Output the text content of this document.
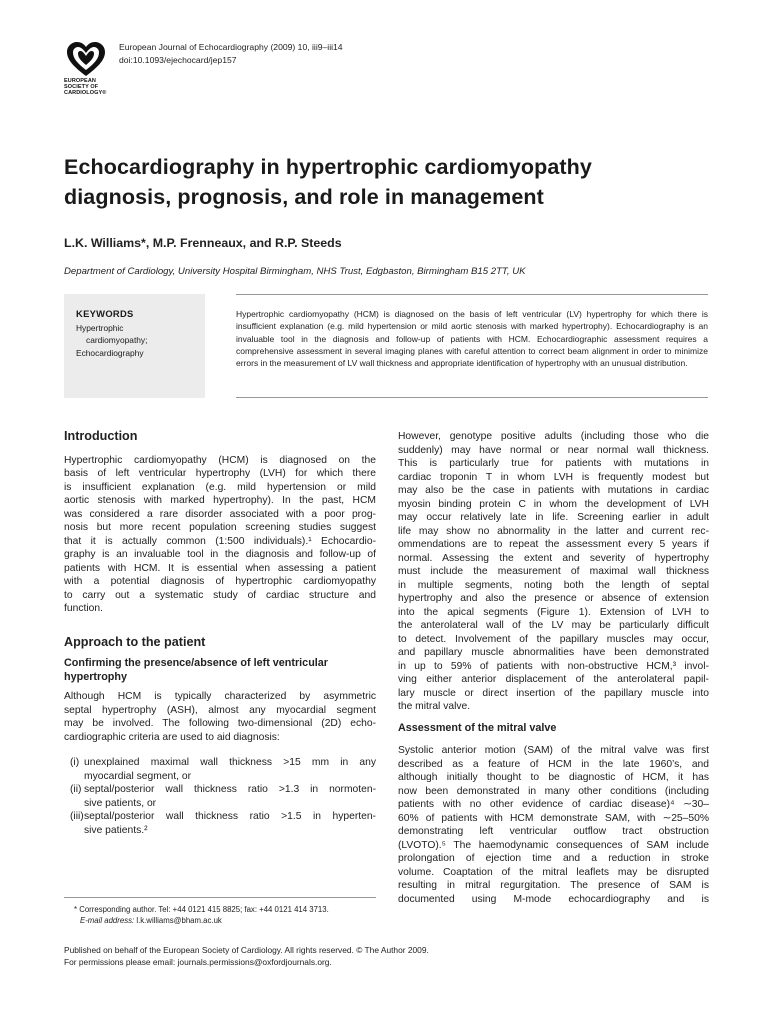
EUROPEAN
SOCIETY OF
CARDIOLOGY®
European Journal of Echocardiography (2009) 10, iii9–iii14
doi:10.1093/ejechocard/jep157
Echocardiography in hypertrophic cardiomyopathy
diagnosis, prognosis, and role in management
L.K. Williams*, M.P. Frenneaux, and R.P. Steeds
Department of Cardiology, University Hospital Birmingham, NHS Trust, Edgbaston, Birmingham B15 2TT, UK
KEYWORDS
Hypertrophic
cardiomyopathy;
Echocardiography

Hypertrophic cardiomyopathy (HCM) is diagnosed on the basis of left ventricular (LV) hypertrophy for which there is insufficient explanation (e.g. mild hypertension or mild aortic stenosis with marked hypertrophy). Echocardiography is an invaluable tool in the diagnosis and follow-up of patients with HCM. Echocardiographic assessment requires a comprehensive assessment in several imaging planes with careful attention to correct beam alignment in order to minimize errors in the measurement of LV wall thickness and appropriate identification of hypertrophy with an unusual distribution.

Introduction
Hypertrophic cardiomyopathy (HCM) is diagnosed on the
basis of left ventricular hypertrophy (LVH) for which there
is insufficient explanation (e.g. mild hypertension or mild
aortic stenosis with marked hypertrophy). In the past, HCM
was considered a rare disorder associated with a poor prog-
nosis but more recent population screening studies suggest
that it is actually common (1:500 individuals).¹ Echocardio-
graphy is an invaluable tool in the diagnosis and follow-up of
patients with HCM. It is essential when assessing a patient
with a potential diagnosis of hypertrophic cardiomyopathy
to carry out a systematic study of cardiac structure and
function.
Approach to the patient
Confirming the presence/absence of left ventricular hypertrophy
Although HCM is typically characterized by asymmetric
septal hypertrophy (ASH), almost any myocardial segment
may be involved. The following two-dimensional (2D) echo-
cardiographic criteria are used to aid diagnosis:
(i) unexplained maximal wall thickness >15 mm in any
myocardial segment, or
(ii) septal/posterior wall thickness ratio >1.3 in normoten-
sive patients, or
(iii) septal/posterior wall thickness ratio >1.5 in hyperten-
sive patients.²
* Corresponding author. Tel: +44 0121 415 8825; fax: +44 0121 414 3713.
E-mail address: l.k.williams@bham.ac.uk
However, genotype positive adults (including those who die
suddenly) may have normal or near normal wall thickness.
This is particularly true for patients with mutations in
cardiac troponin T in whom LVH is frequently modest but
may also be the case in patients with mutations in cardiac
myosin binding protein C in whom the development of LVH
may occur relatively late in life. Screening earlier in adult
life may show no abnormality in the latter and current rec-
ommendations are to repeat the assessment every 5 years if
normal. Assessing the extent and severity of hypertrophy
must include the measurement of maximal wall thickness
in multiple segments, noting both the length of septal
hypertrophy and also the presence or absence of extension
into the apical segments (Figure 1). Extension of LVH to
the anterolateral wall of the LV may be particularly difficult
to detect. Involvement of the papillary muscles may occur,
and papillary muscle abnormalities have been demonstrated
in up to 59% of patients with non-obstructive HCM,³ invol-
ving either anterior displacement of the anterolateral papil-
lary muscle or direct insertion of the papillary muscle into
the mitral valve.
Assessment of the mitral valve
Systolic anterior motion (SAM) of the mitral valve was first
described as a feature of HCM in the late 1960’s, and
although initially thought to be diagnostic of HCM, it has
now been demonstrated in many other conditions (including
patients with no other evidence of cardiac disease)⁴ ∼30–
60% of patients with HCM demonstrate SAM, with ∼25–50%
demonstrating left ventricular outflow tract obstruction
(LVOTO).⁵ The haemodynamic consequences of SAM include
prolongation of ejection time and a reduction in stroke
volume. Coaptation of the mitral leaflets may be disrupted
resulting in mitral regurgitation. The presence of SAM is
documented using M-mode echocardiography and is
Published on behalf of the European Society of Cardiology. All rights reserved. © The Author 2009.
For permissions please email: journals.permissions@oxfordjournals.org.
